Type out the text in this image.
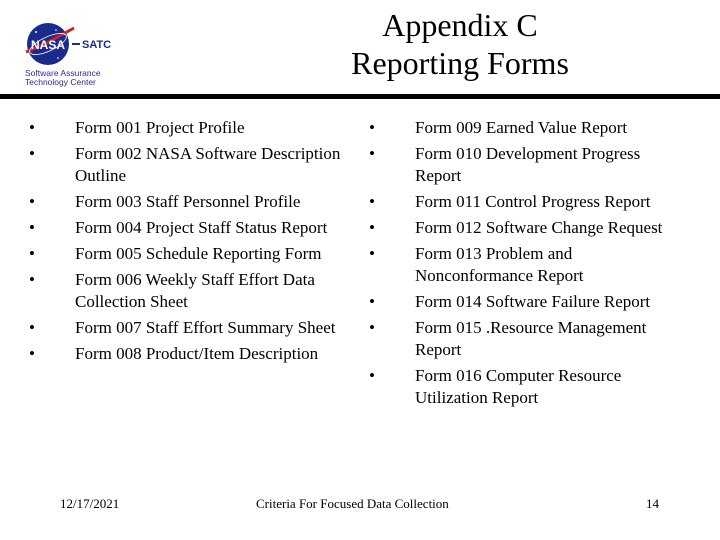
NASA SATC
Software Assurance
Technology Center
Appendix C
Reporting Forms
• Form 001 Project Profile
• Form 002 NASA Software Description Outline
• Form 003 Staff Personnel Profile
• Form 004 Project Staff Status Report
• Form 005 Schedule Reporting Form
• Form 006 Weekly Staff Effort Data Collection Sheet
• Form 007 Staff Effort Summary Sheet
• Form 008 Product/Item Description
• Form 009 Earned Value Report
• Form 010 Development Progress Report
• Form 011 Control Progress Report
• Form 012 Software Change Request
• Form 013 Problem and Nonconformance Report
• Form 014 Software Failure Report
• Form 015 .Resource Management Report
• Form 016 Computer Resource Utilization Report
12/17/2021	Criteria For Focused Data Collection	14
